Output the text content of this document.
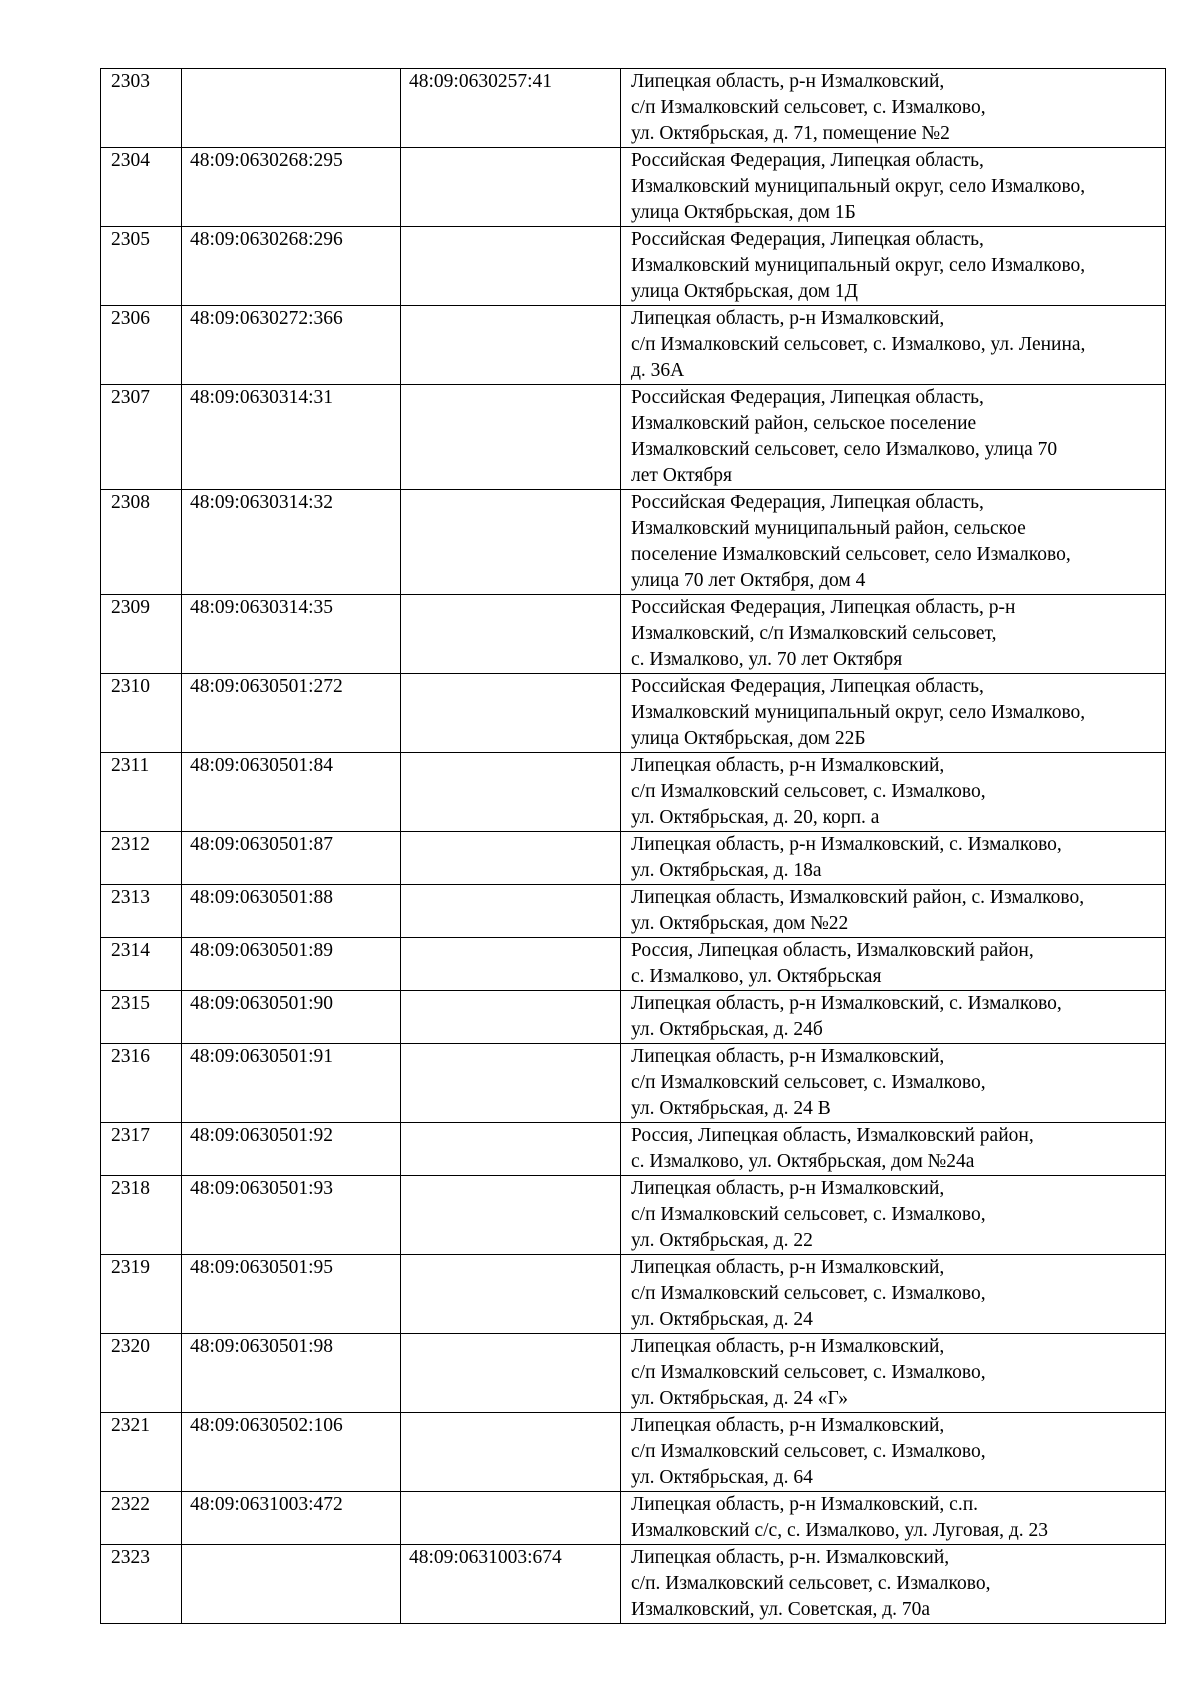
2303		48:09:0630257:41	Липецкая область, р-н Измалковский,
с/п Измалковский сельсовет, с. Измалково,
ул. Октябрьская, д. 71, помещение №2

2304	48:09:0630268:295		Российская Федерация, Липецкая область,
Измалковский муниципальный округ, село Измалково,
улица Октябрьская, дом 1Б

2305	48:09:0630268:296		Российская Федерация, Липецкая область,
Измалковский муниципальный округ, село Измалково,
улица Октябрьская, дом 1Д

2306	48:09:0630272:366		Липецкая область, р-н Измалковский,
с/п Измалковский сельсовет, с. Измалково, ул. Ленина,
д. 36А

2307	48:09:0630314:31		Российская Федерация, Липецкая область,
Измалковский район, сельское поселение
Измалковский сельсовет, село Измалково, улица 70
лет Октября

2308	48:09:0630314:32		Российская Федерация, Липецкая область,
Измалковский муниципальный район, сельское
поселение Измалковский сельсовет, село Измалково,
улица 70 лет Октября, дом 4

2309	48:09:0630314:35		Российская Федерация, Липецкая область, р-н
Измалковский, с/п Измалковский сельсовет,
с. Измалково, ул. 70 лет Октября

2310	48:09:0630501:272		Российская Федерация, Липецкая область,
Измалковский муниципальный округ, село Измалково,
улица Октябрьская, дом 22Б

2311	48:09:0630501:84		Липецкая область, р-н Измалковский,
с/п Измалковский сельсовет, с. Измалково,
ул. Октябрьская, д. 20, корп. а

2312	48:09:0630501:87		Липецкая область, р-н Измалковский, с. Измалково,
ул. Октябрьская, д. 18а

2313	48:09:0630501:88		Липецкая область, Измалковский район, с. Измалково,
ул. Октябрьская, дом №22

2314	48:09:0630501:89		Россия, Липецкая область, Измалковский район,
с. Измалково, ул. Октябрьская

2315	48:09:0630501:90		Липецкая область, р-н Измалковский, с. Измалково,
ул. Октябрьская, д. 24б

2316	48:09:0630501:91		Липецкая область, р-н Измалковский,
с/п Измалковский сельсовет, с. Измалково,
ул. Октябрьская, д. 24 В

2317	48:09:0630501:92		Россия, Липецкая область, Измалковский район,
с. Измалково, ул. Октябрьская, дом №24а

2318	48:09:0630501:93		Липецкая область, р-н Измалковский,
с/п Измалковский сельсовет, с. Измалково,
ул. Октябрьская, д. 22

2319	48:09:0630501:95		Липецкая область, р-н Измалковский,
с/п Измалковский сельсовет, с. Измалково,
ул. Октябрьская, д. 24

2320	48:09:0630501:98		Липецкая область, р-н Измалковский,
с/п Измалковский сельсовет, с. Измалково,
ул. Октябрьская, д. 24 «Г»

2321	48:09:0630502:106		Липецкая область, р-н Измалковский,
с/п Измалковский сельсовет, с. Измалково,
ул. Октябрьская, д. 64

2322	48:09:0631003:472		Липецкая область, р-н Измалковский, с.п.
Измалковский с/с, с. Измалково, ул. Луговая, д. 23

2323		48:09:0631003:674	Липецкая область, р-н. Измалковский,
с/п. Измалковский сельсовет, с. Измалково,
Измалковский, ул. Советская, д. 70а
